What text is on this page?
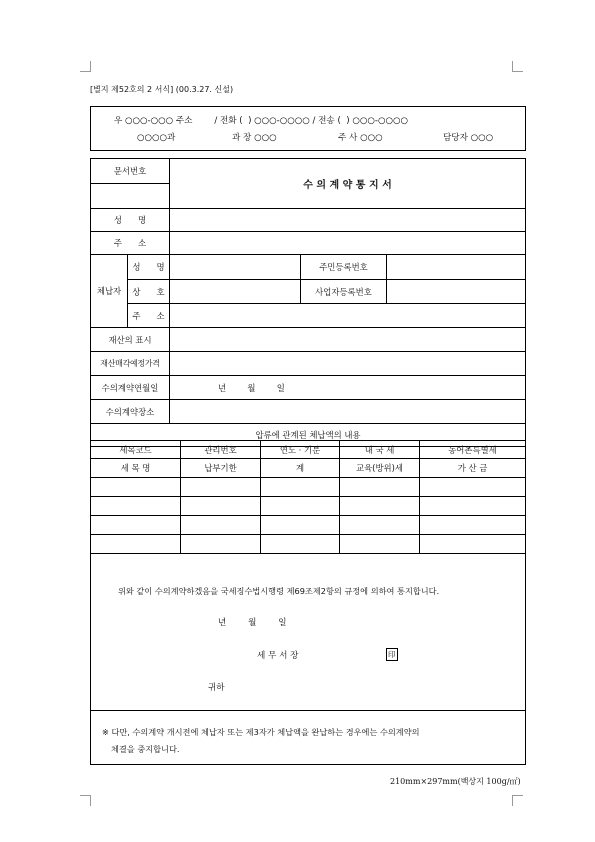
[별지 제52호의 2 서식] (00.3.27. 신설)
우 ○○○-○○○ 주소        / 전화 (  ) ○○○-○○○○ / 전송 (  ) ○○○-○○○○
○○○○과	과 장 ○○○	주 사 ○○○	담당자 ○○○
문서번호		수 의 계 약 통 지 서		

성      명				
주      소				
체납자	성      명		주민등록번호	
	상      호		사업자등록번호	
	주      소			
재산의 표시				
재산매각예정가격				
수의계약연월일		년        월        일		
수의계약장소				
압류에 관계된 체납액의 내용				
세목코드	관리번호	연도 · 기분	내 국 세	농어촌특별세
세 목 명	납부기한	계	교육(방위)세	가 산 금

위와 같이 수의계약하겠음을 국세징수법시행령 제69조제2항의 규정에 의하여 통지합니다.
년        월        일
세 무 서 장	印
귀하
※ 다만, 수의계약 개시전에 체납자 또는 제3자가 체납액을 완납하는 경우에는 수의계약의
체결을 중지합니다.
210mm×297mm(백상지 100g/㎡)
